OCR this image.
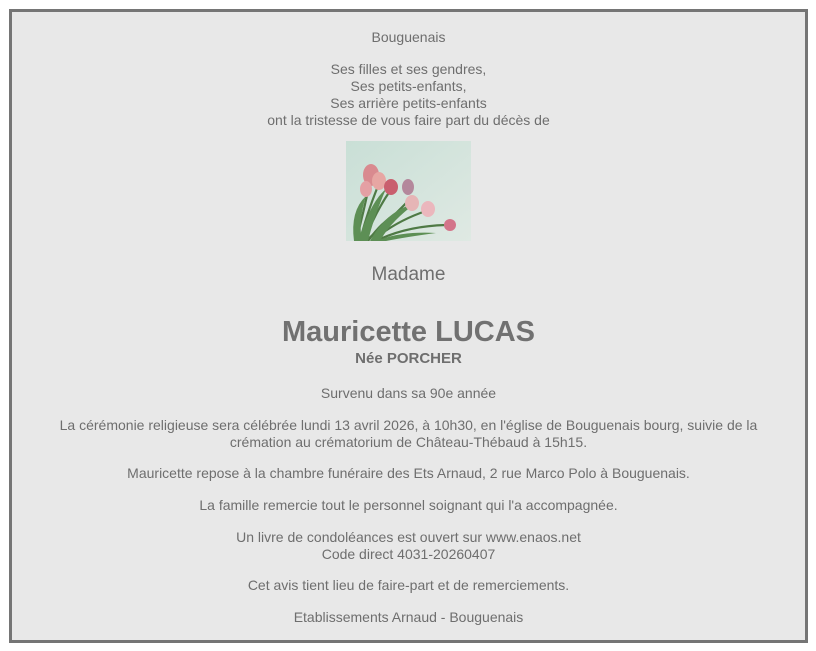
Bouguenais
Ses filles et ses gendres,
Ses petits-enfants,
Ses arrière petits-enfants
ont la tristesse de vous faire part du décès de
Madame
Mauricette LUCAS
Née PORCHER
Survenu dans sa 90e année
La cérémonie religieuse sera célébrée lundi 13 avril 2026, à 10h30, en l'église de Bouguenais bourg, suivie de la
crémation au crématorium de Château-Thébaud à 15h15.
Mauricette repose à la chambre funéraire des Ets Arnaud, 2 rue Marco Polo à Bouguenais.
La famille remercie tout le personnel soignant qui l'a accompagnée.
Un livre de condoléances est ouvert sur www.enaos.net
Code direct 4031-20260407
Cet avis tient lieu de faire-part et de remerciements.
Etablissements Arnaud - Bouguenais
